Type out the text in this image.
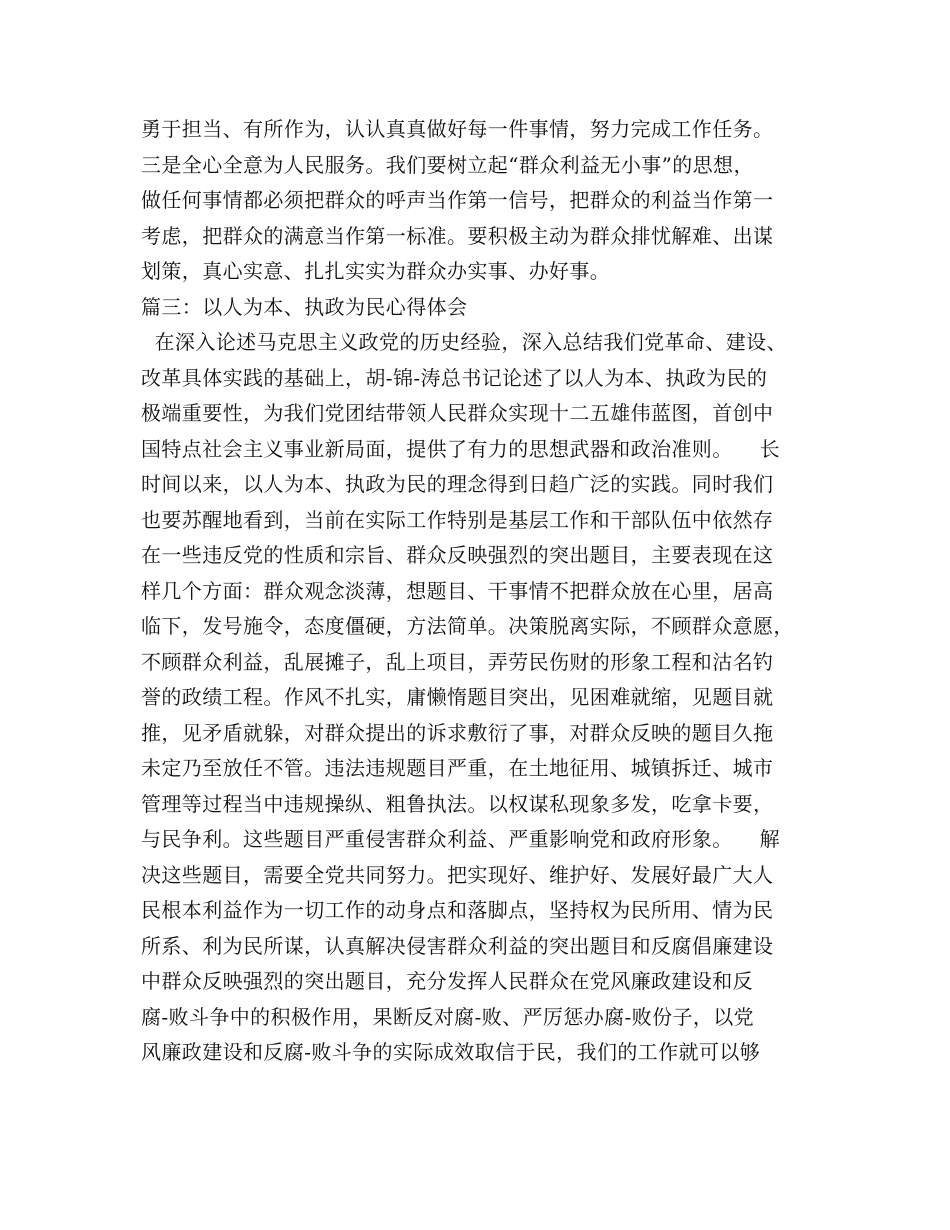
勇于担当、有所作为，认认真真做好每一件事情，努力完成工作任务。
三是全心全意为人民服务。我们要树立起“群众利益无小事”的思想，
做任何事情都必须把群众的呼声当作第一信号，把群众的利益当作第一
考虑，把群众的满意当作第一标准。要积极主动为群众排忧解难、出谋
划策，真心实意、扎扎实实为群众办实事、办好事。
篇三：以人为本、执政为民心得体会
在深入论述马克思主义政党的历史经验，深入总结我们党革命、建设、
改革具体实践的基础上，胡-锦-涛总书记论述了以人为本、执政为民的
极端重要性，为我们党团结带领人民群众实现十二五雄伟蓝图，首创中
国特点社会主义事业新局面，提供了有力的思想武器和政治准则。    长
时间以来，以人为本、执政为民的理念得到日趋广泛的实践。同时我们
也要苏醒地看到，当前在实际工作特别是基层工作和干部队伍中依然存
在一些违反党的性质和宗旨、群众反映强烈的突出题目，主要表现在这
样几个方面：群众观念淡薄，想题目、干事情不把群众放在心里，居高
临下，发号施令，态度僵硬，方法简单。决策脱离实际，不顾群众意愿，
不顾群众利益，乱展摊子，乱上项目，弄劳民伤财的形象工程和沽名钓
誉的政绩工程。作风不扎实，庸懒惰题目突出，见困难就缩，见题目就
推，见矛盾就躲，对群众提出的诉求敷衍了事，对群众反映的题目久拖
未定乃至放任不管。违法违规题目严重，在土地征用、城镇拆迁、城市
管理等过程当中违规操纵、粗鲁执法。以权谋私现象多发，吃拿卡要，
与民争利。这些题目严重侵害群众利益、严重影响党和政府形象。    解
决这些题目，需要全党共同努力。把实现好、维护好、发展好最广大人
民根本利益作为一切工作的动身点和落脚点，坚持权为民所用、情为民
所系、利为民所谋，认真解决侵害群众利益的突出题目和反腐倡廉建设
中群众反映强烈的突出题目，充分发挥人民群众在党风廉政建设和反
腐-败斗争中的积极作用，果断反对腐-败、严厉惩办腐-败份子，以党
风廉政建设和反腐-败斗争的实际成效取信于民，我们的工作就可以够
